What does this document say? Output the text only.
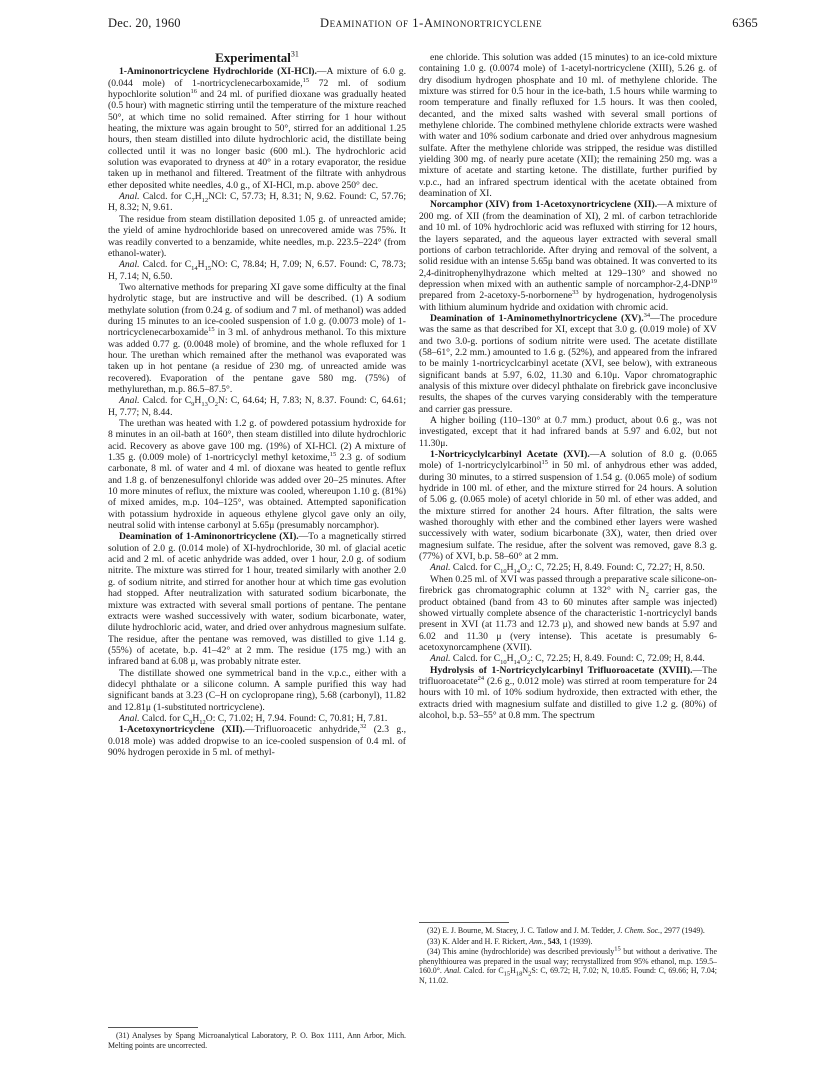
Dec. 20, 1960	Deamination of 1-Aminonortricyclene	6365
Experimental$^{31}$

1-Aminonortricyclene Hydrochloride (XI-HCl).—A mixture of 6.0 g. (0.044 mole) of 1-nortricyclenecarboxamide,$^{15}$ 72 ml. of sodium hypochlorite solution$^{16}$ and 24 ml. of purified dioxane was gradually heated (0.5 hour) with magnetic stirring until the temperature of the mixture reached 50°, at which time no solid remained. After stirring for 1 hour without heating, the mixture was again brought to 50°, stirred for an additional 1.25 hours, then steam distilled into dilute hydrochloric acid, the distillate being collected until it was no longer basic (600 ml.). The hydrochloric acid solution was evaporated to dryness at 40° in a rotary evaporator, the residue taken up in methanol and filtered. Treatment of the filtrate with anhydrous ether deposited white needles, 4.0 g., of XI-HCl, m.p. above 250° dec.

Anal. Calcd. for $C_7H_{12}NCl$: C, 57.73; H, 8.31; N, 9.62. Found: C, 57.76; H, 8.32; N, 9.61.

The residue from steam distillation deposited 1.05 g. of unreacted amide; the yield of amine hydrochloride based on unrecovered amide was 75%. It was readily converted to a benzamide, white needles, m.p. 223.5–224° (from ethanol-water).

Anal. Calcd. for $C_{14}H_{15}NO$: C, 78.84; H, 7.09; N, 6.57. Found: C, 78.73; H, 7.14; N, 6.50.

Two alternative methods for preparing XI gave some difficulty at the final hydrolytic stage, but are instructive and will be described. (1) A sodium methylate solution (from 0.24 g. of sodium and 7 ml. of methanol) was added during 15 minutes to an ice-cooled suspension of 1.0 g. (0.0073 mole) of 1-nortricyclenecarboxamide$^{15}$ in 3 ml. of anhydrous methanol. To this mixture was added 0.77 g. (0.0048 mole) of bromine, and the whole refluxed for 1 hour. The urethan which remained after the methanol was evaporated was taken up in hot pentane (a residue of 230 mg. of unreacted amide was recovered). Evaporation of the pentane gave 580 mg. (75%) of methylurethan, m.p. 86.5–87.5°.

Anal. Calcd. for $C_9H_{13}O_2N$: C, 64.64; H, 7.83; N, 8.37. Found: C, 64.61; H, 7.77; N, 8.44.

The urethan was heated with 1.2 g. of powdered potassium hydroxide for 8 minutes in an oil-bath at 160°, then steam distilled into dilute hydrochloric acid. Recovery as above gave 100 mg. (19%) of XI-HCl. (2) A mixture of 1.35 g. (0.009 mole) of 1-nortricyclyl methyl ketoxime,$^{15}$ 2.3 g. of sodium carbonate, 8 ml. of water and 4 ml. of dioxane was heated to gentle reflux and 1.8 g. of benzenesulfonyl chloride was added over 20–25 minutes. After 10 more minutes of reflux, the mixture was cooled, whereupon 1.10 g. (81%) of mixed amides, m.p. 104–125°, was obtained. Attempted saponification with potassium hydroxide in aqueous ethylene glycol gave only an oily, neutral solid with intense carbonyl at 5.65μ (presumably norcamphor).

Deamination of 1-Aminonortricyclene (XI).—To a magnetically stirred solution of 2.0 g. (0.014 mole) of XI-hydrochloride, 30 ml. of glacial acetic acid and 2 ml. of acetic anhydride was added, over 1 hour, 2.0 g. of sodium nitrite. The mixture was stirred for 1 hour, treated similarly with another 2.0 g. of sodium nitrite, and stirred for another hour at which time gas evolution had stopped. After neutralization with saturated sodium bicarbonate, the mixture was extracted with several small portions of pentane. The pentane extracts were washed successively with water, sodium bicarbonate, water, dilute hydrochloric acid, water, and dried over anhydrous magnesium sulfate. The residue, after the pentane was removed, was distilled to give 1.14 g. (55%) of acetate, b.p. 41–42° at 2 mm. The residue (175 mg.) with an infrared band at 6.08 μ, was probably nitrate ester.

The distillate showed one symmetrical band in the v.p.c., either with a didecyl phthalate or a silicone column. A sample purified this way had significant bands at 3.23 (C–H on cyclopropane ring), 5.68 (carbonyl), 11.82 and 12.81μ (1-substituted nortricyclene).

Anal. Calcd. for $C_9H_{12}O$: C, 71.02; H, 7.94. Found: C, 70.81; H, 7.81.

1-Acetoxynortricyclene (XII).—Trifluoroacetic anhydride,$^{32}$ (2.3 g., 0.018 mole) was added dropwise to an ice-cooled suspension of 0.4 ml. of 90% hydrogen peroxide in 5 ml. of methyl-

ene chloride. This solution was added (15 minutes) to an ice-cold mixture containing 1.0 g. (0.0074 mole) of 1-acetyl-nortricyclene (XIII), 5.26 g. of dry disodium hydrogen phosphate and 10 ml. of methylene chloride. The mixture was stirred for 0.5 hour in the ice-bath, 1.5 hours while warming to room temperature and finally refluxed for 1.5 hours. It was then cooled, decanted, and the mixed salts washed with several small portions of methylene chloride. The combined methylene chloride extracts were washed with water and 10% sodium carbonate and dried over anhydrous magnesium sulfate. After the methylene chloride was stripped, the residue was distilled yielding 300 mg. of nearly pure acetate (XII); the remaining 250 mg. was a mixture of acetate and starting ketone. The distillate, further purified by v.p.c., had an infrared spectrum identical with the acetate obtained from deamination of XI.

Norcamphor (XIV) from 1-Acetoxynortricyclene (XII).—A mixture of 200 mg. of XII (from the deamination of XI), 2 ml. of carbon tetrachloride and 10 ml. of 10% hydrochloric acid was refluxed with stirring for 12 hours, the layers separated, and the aqueous layer extracted with several small portions of carbon tetrachloride. After drying and removal of the solvent, a solid residue with an intense 5.65μ band was obtained. It was converted to its 2,4-dinitrophenylhydrazone which melted at 129–130° and showed no depression when mixed with an authentic sample of norcamphor-2,4-DNP$^{19}$ prepared from 2-acetoxy-5-norbornene$^{33}$ by hydrogenation, hydrogenolysis with lithium aluminum hydride and oxidation with chromic acid.

Deamination of 1-Aminomethylnortricyclene (XV).$^{34}$—The procedure was the same as that described for XI, except that 3.0 g. (0.019 mole) of XV and two 3.0-g. portions of sodium nitrite were used. The acetate distillate (58–61°, 2.2 mm.) amounted to 1.6 g. (52%), and appeared from the infrared to be mainly 1-nortricyclcarbinyl acetate (XVI, see below), with extraneous significant bands at 5.97, 6.02, 11.30 and 6.10μ. Vapor chromatographic analysis of this mixture over didecyl phthalate on firebrick gave inconclusive results, the shapes of the curves varying considerably with the temperature and carrier gas pressure.

A higher boiling (110–130° at 0.7 mm.) product, about 0.6 g., was not investigated, except that it had infrared bands at 5.97 and 6.02, but not 11.30μ.

1-Nortricyclylcarbinyl Acetate (XVI).—A solution of 8.0 g. (0.065 mole) of 1-nortricyclylcarbinol$^{15}$ in 50 ml. of anhydrous ether was added, during 30 minutes, to a stirred suspension of 1.54 g. (0.065 mole) of sodium hydride in 100 ml. of ether, and the mixture stirred for 24 hours. A solution of 5.06 g. (0.065 mole) of acetyl chloride in 50 ml. of ether was added, and the mixture stirred for another 24 hours. After filtration, the salts were washed thoroughly with ether and the combined ether layers were washed successively with water, sodium bicarbonate (3X), water, then dried over magnesium sulfate. The residue, after the solvent was removed, gave 8.3 g. (77%) of XVI, b.p. 58–60° at 2 mm.

Anal. Calcd. for $C_{10}H_{14}O_2$: C, 72.25; H, 8.49. Found: C, 72.27; H, 8.50.

When 0.25 ml. of XVI was passed through a preparative scale silicone-on-firebrick gas chromatographic column at 132° with $N_2$ carrier gas, the product obtained (band from 43 to 60 minutes after sample was injected) showed virtually complete absence of the characteristic 1-nortricyclyl bands present in XVI (at 11.73 and 12.73 μ), and showed new bands at 5.97 and 6.02 and 11.30 μ (very intense). This acetate is presumably 6-acetoxynorcamphene (XVII).

Anal. Calcd. for $C_{10}H_{14}O_2$: C, 72.25; H, 8.49. Found: C, 72.09; H, 8.44.

Hydrolysis of 1-Nortricyclylcarbinyl Trifluoroacetate (XVIII).—The trifluoroacetate$^{24}$ (2.6 g., 0.012 mole) was stirred at room temperature for 24 hours with 10 ml. of 10% sodium hydroxide, then extracted with ether, the extracts dried with magnesium sulfate and distilled to give 1.2 g. (80%) of alcohol, b.p. 53–55° at 0.8 mm. The spectrum

(31) Analyses by Spang Microanalytical Laboratory, P. O. Box 1111, Ann Arbor, Mich. Melting points are uncorrected.

(32) E. J. Bourne, M. Stacey, J. C. Tatlow and J. M. Tedder, J. Chem. Soc., 2977 (1949).

(33) K. Alder and H. F. Rickert, Ann., 543, 1 (1939).

(34) This amine (hydrochloride) was described previously$^{15}$ but without a derivative. The phenylthiourea was prepared in the usual way; recrystallized from 95% ethanol, m.p. 159.5–160.0°. Anal. Calcd. for $C_{15}H_{18}N_2S$: C, 69.72; H, 7.02; N, 10.85. Found: C, 69.66; H, 7.04; N, 11.02.
